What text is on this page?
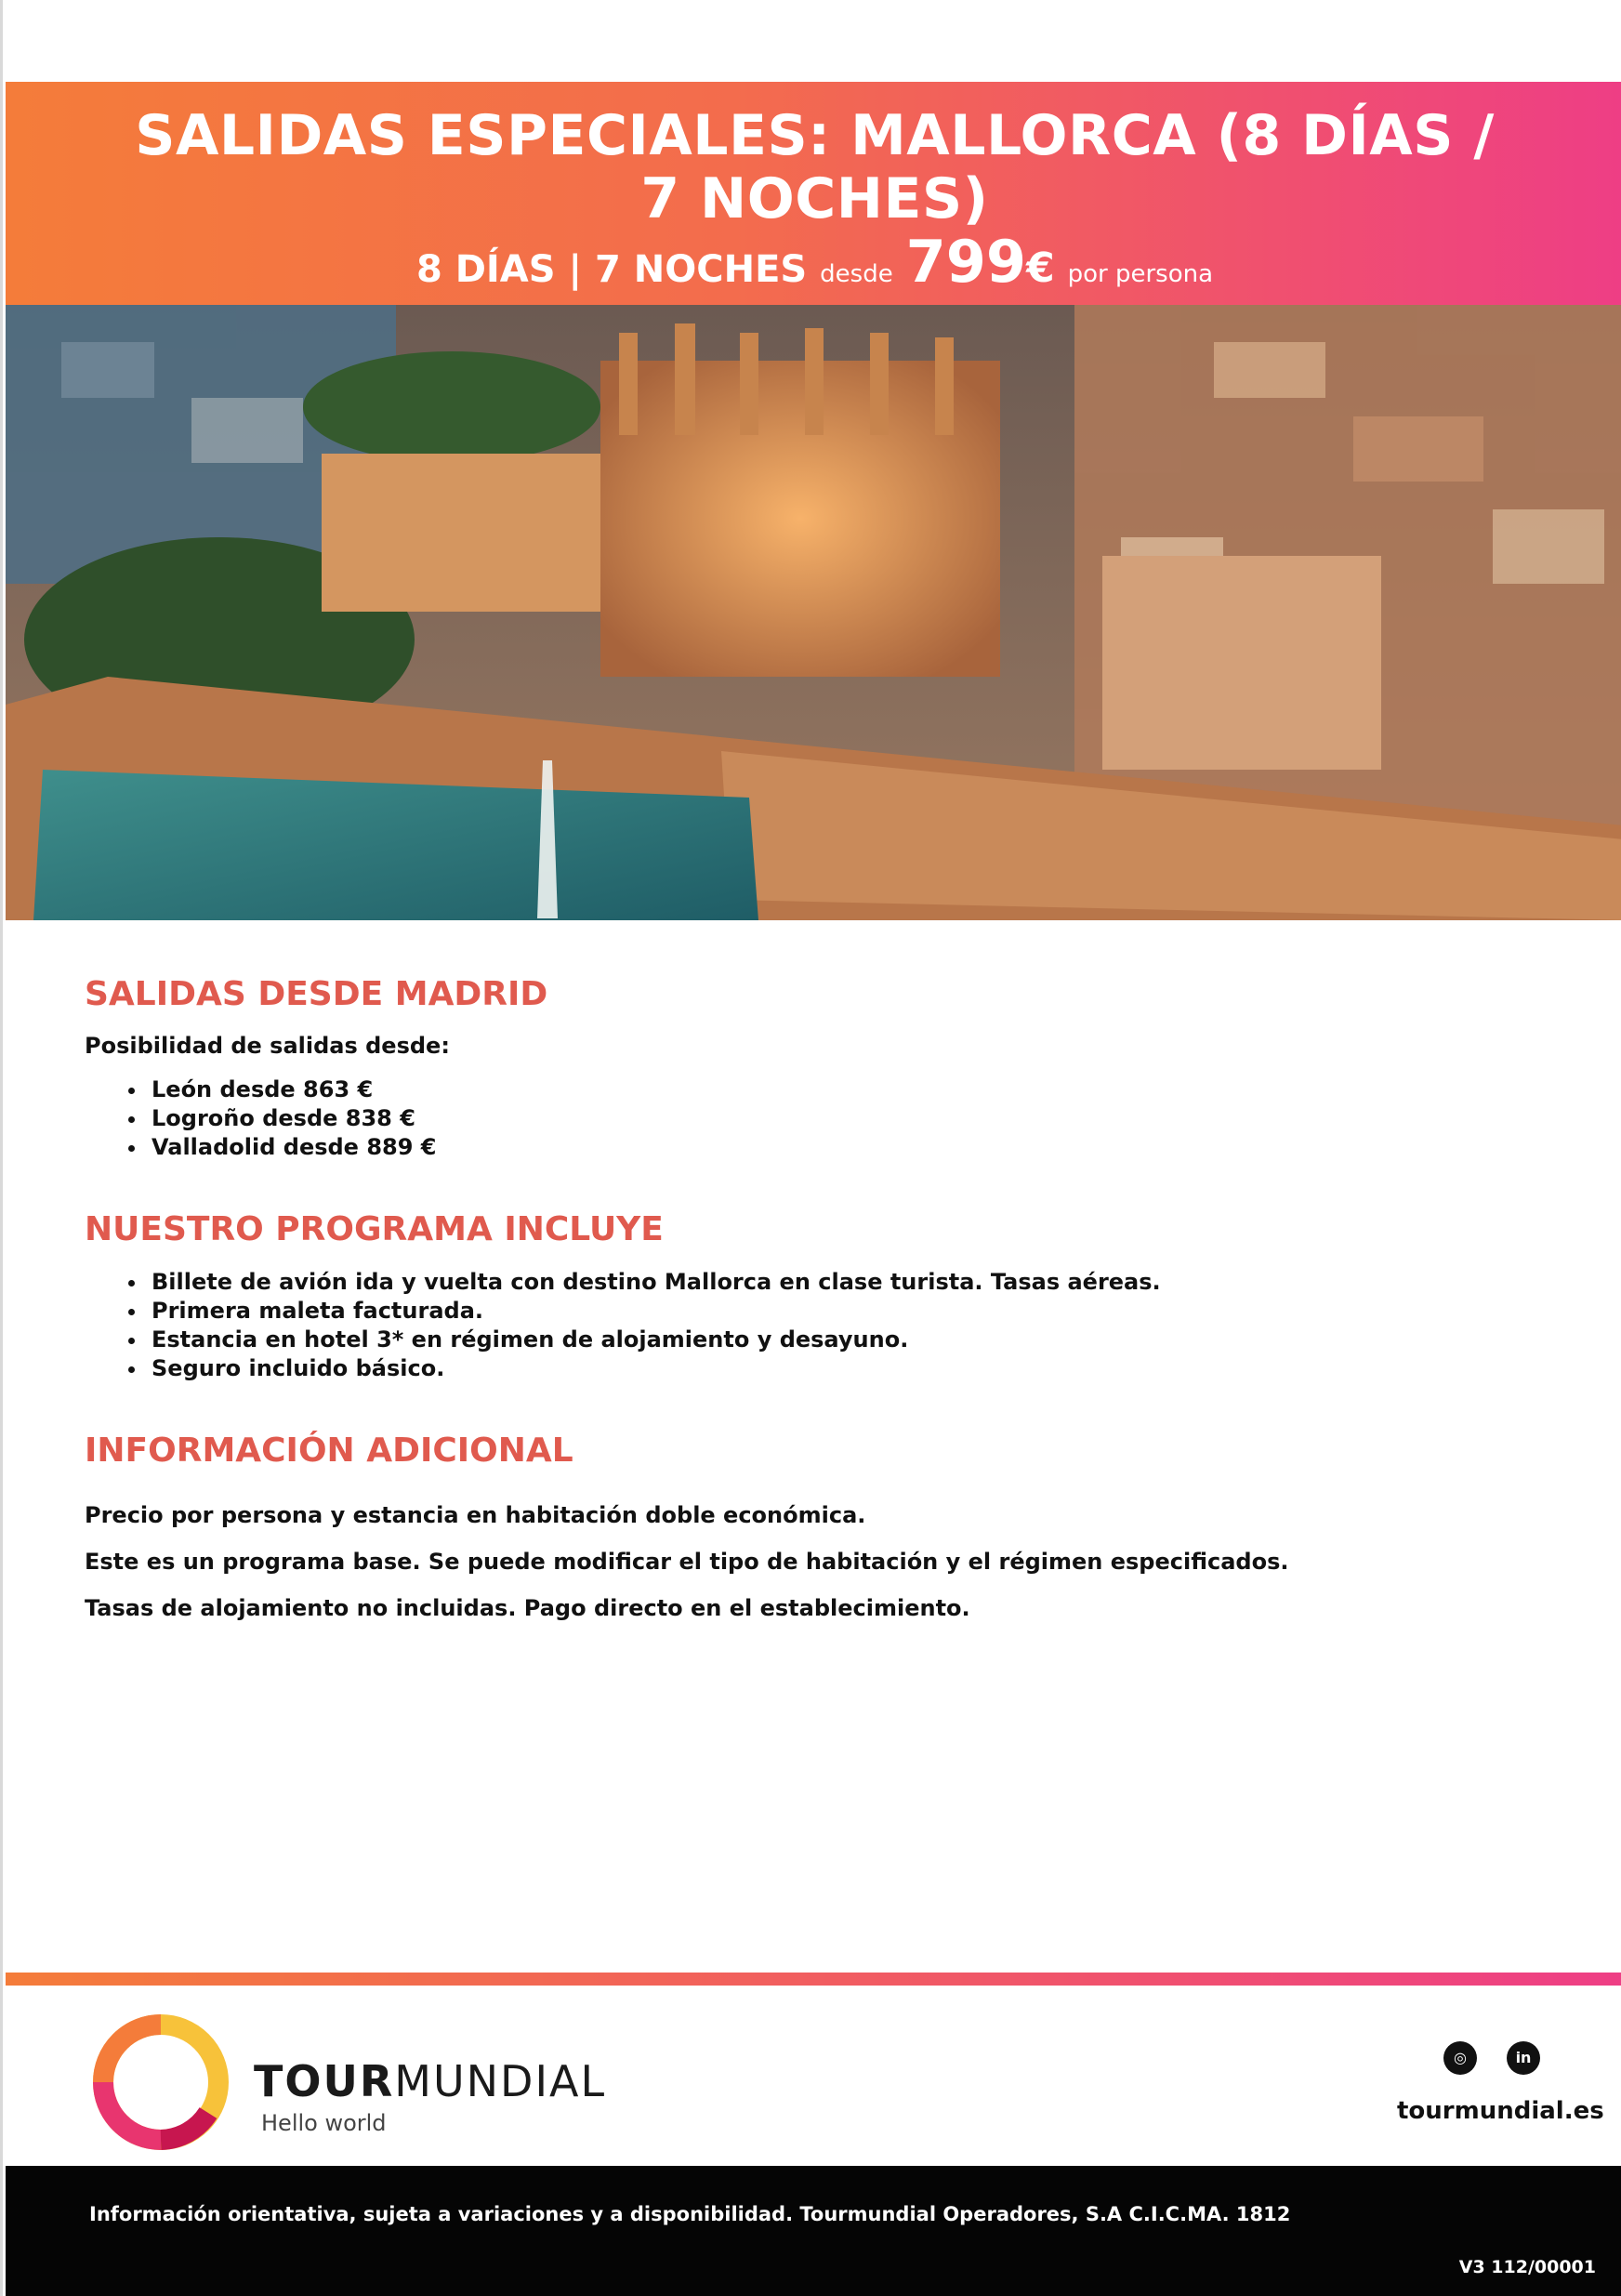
SALIDAS ESPECIALES: MALLORCA (8 DÍAS / 7 NOCHES)
8 DÍAS | 7 NOCHES desde 799€ por persona
SALIDAS DESDE MADRID

Posibilidad de salidas desde:

• León desde 863 €
• Logroño desde 838 €
• Valladolid desde 889 €
NUESTRO PROGRAMA INCLUYE
• Billete de avión ida y vuelta con destino Mallorca en clase turista. Tasas aéreas.
• Primera maleta facturada.
• Estancia en hotel 3* en régimen de alojamiento y desayuno.
• Seguro incluido básico.
INFORMACIÓN ADICIONAL

Precio por persona y estancia en habitación doble económica.

Este es un programa base. Se puede modificar el tipo de habitación y el régimen especificados.

Tasas de alojamiento no incluidas. Pago directo en el establecimiento.

TOURMUNDIAL
Hello world
◎	in
tourmundial.es
Información orientativa, sujeta a variaciones y a disponibilidad. Tourmundial Operadores, S.A C.I.C.MA. 1812
V3 112/00001
